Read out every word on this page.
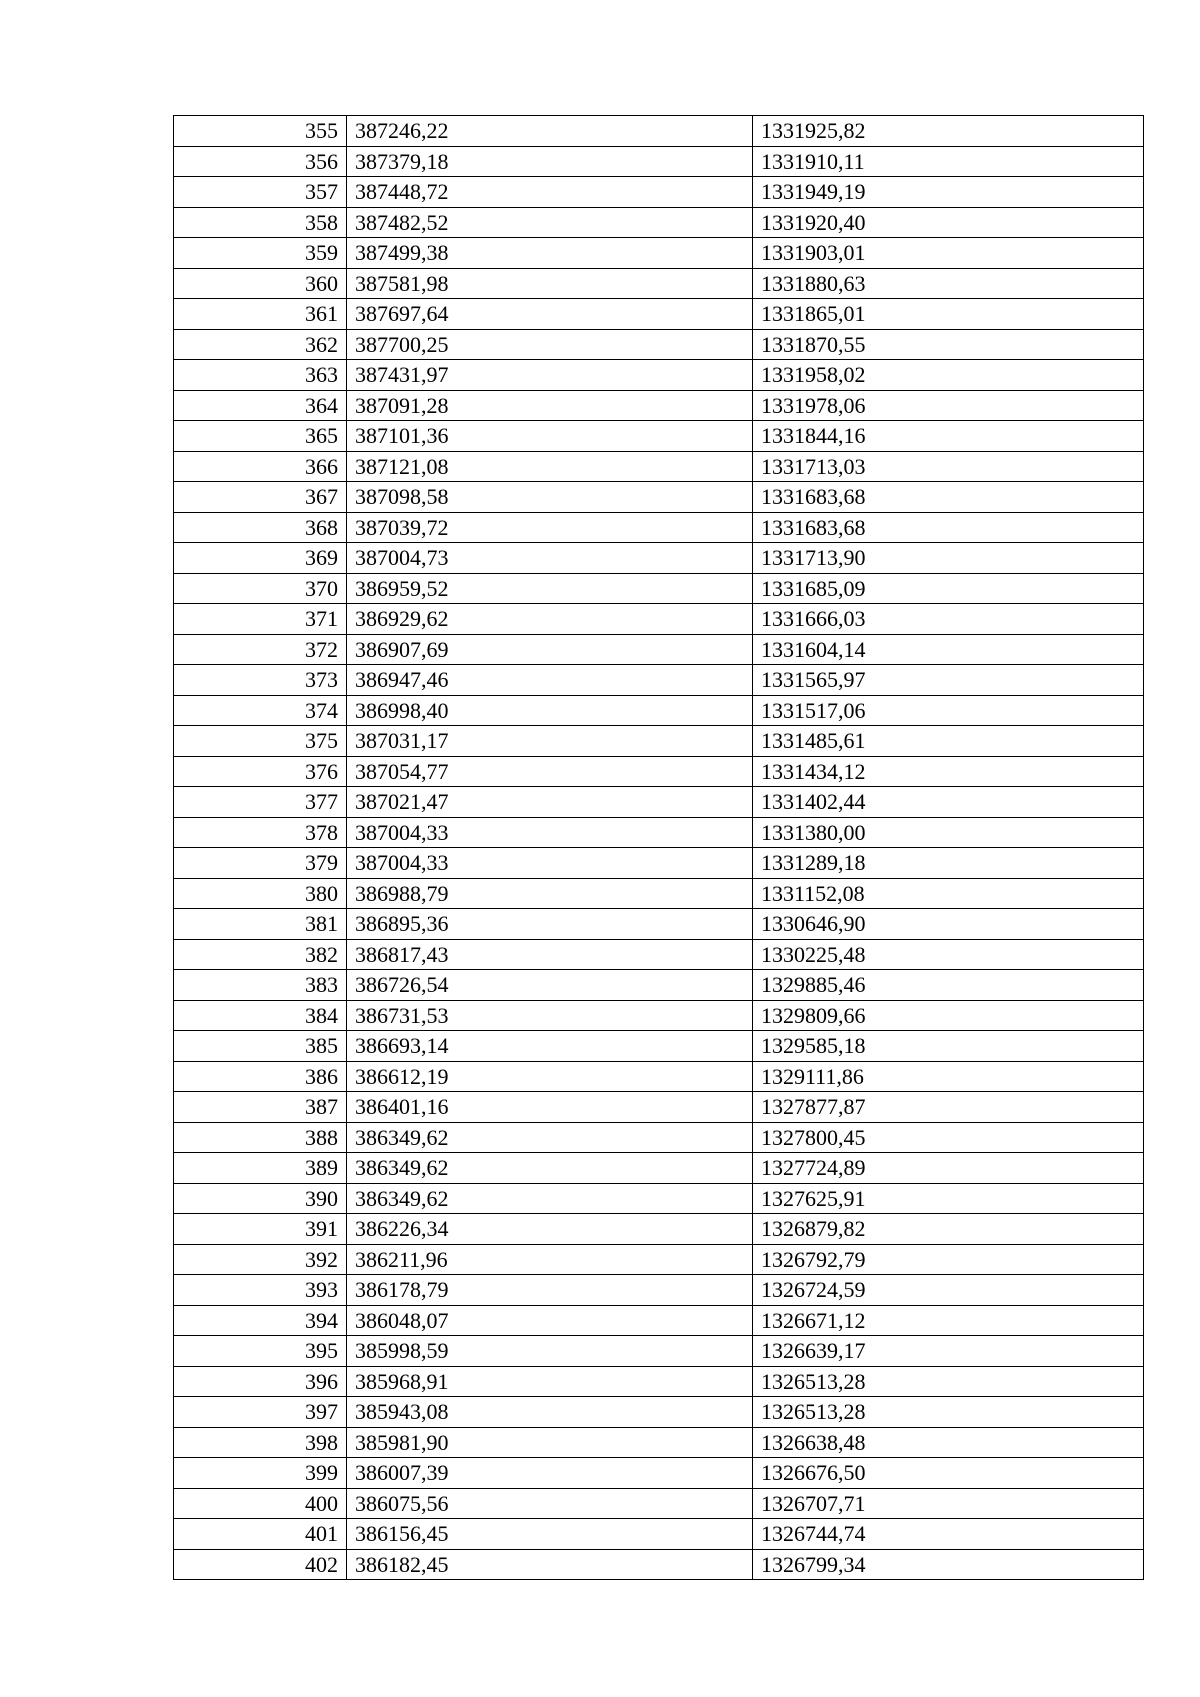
355	387246,22	1331925,82
356	387379,18	1331910,11
357	387448,72	1331949,19
358	387482,52	1331920,40
359	387499,38	1331903,01
360	387581,98	1331880,63
361	387697,64	1331865,01
362	387700,25	1331870,55
363	387431,97	1331958,02
364	387091,28	1331978,06
365	387101,36	1331844,16
366	387121,08	1331713,03
367	387098,58	1331683,68
368	387039,72	1331683,68
369	387004,73	1331713,90
370	386959,52	1331685,09
371	386929,62	1331666,03
372	386907,69	1331604,14
373	386947,46	1331565,97
374	386998,40	1331517,06
375	387031,17	1331485,61
376	387054,77	1331434,12
377	387021,47	1331402,44
378	387004,33	1331380,00
379	387004,33	1331289,18
380	386988,79	1331152,08
381	386895,36	1330646,90
382	386817,43	1330225,48
383	386726,54	1329885,46
384	386731,53	1329809,66
385	386693,14	1329585,18
386	386612,19	1329111,86
387	386401,16	1327877,87
388	386349,62	1327800,45
389	386349,62	1327724,89
390	386349,62	1327625,91
391	386226,34	1326879,82
392	386211,96	1326792,79
393	386178,79	1326724,59
394	386048,07	1326671,12
395	385998,59	1326639,17
396	385968,91	1326513,28
397	385943,08	1326513,28
398	385981,90	1326638,48
399	386007,39	1326676,50
400	386075,56	1326707,71
401	386156,45	1326744,74
402	386182,45	1326799,34
